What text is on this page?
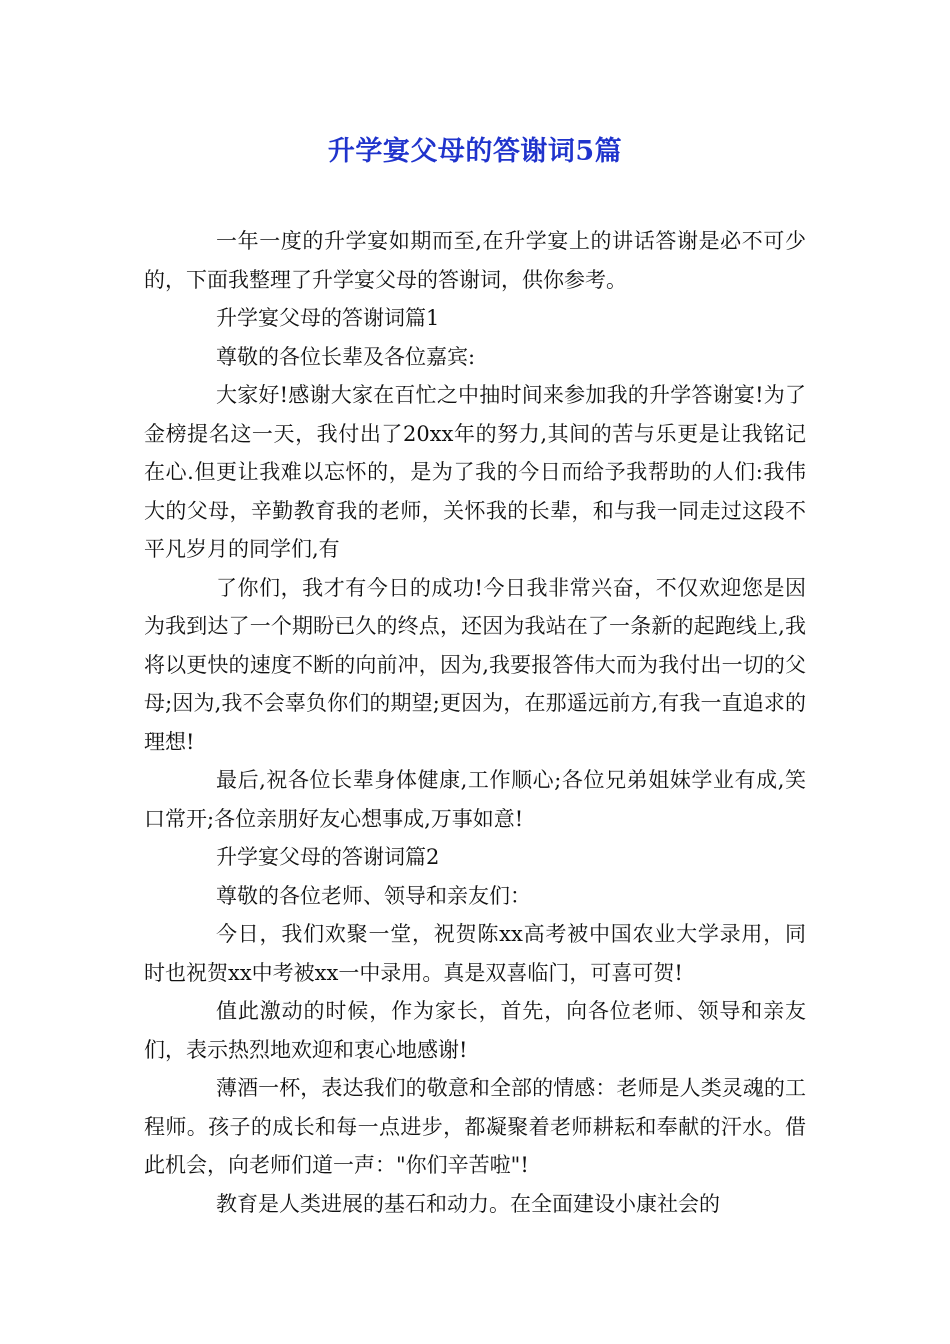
升学宴父母的答谢词5篇

一年一度的升学宴如期而至,在升学宴上的讲话答谢是必不可少的，下面我整理了升学宴父母的答谢词，供你参考。

升学宴父母的答谢词篇1

尊敬的各位长辈及各位嘉宾:

大家好!感谢大家在百忙之中抽时间来参加我的升学答谢宴!为了金榜提名这一天，我付出了20xx年的努力,其间的苦与乐更是让我铭记在心.但更让我难以忘怀的，是为了我的今日而给予我帮助的人们:我伟大的父母，辛勤教育我的老师，关怀我的长辈，和与我一同走过这段不平凡岁月的同学们,有

了你们，我才有今日的成功!今日我非常兴奋，不仅欢迎您是因为我到达了一个期盼已久的终点，还因为我站在了一条新的起跑线上,我将以更快的速度不断的向前冲，因为,我要报答伟大而为我付出一切的父母;因为,我不会辜负你们的期望;更因为，在那遥远前方,有我一直追求的理想!

最后,祝各位长辈身体健康,工作顺心;各位兄弟姐妹学业有成,笑口常开;各位亲朋好友心想事成,万事如意!

升学宴父母的答谢词篇2

尊敬的各位老师、领导和亲友们：

今日，我们欢聚一堂，祝贺陈xx高考被中国农业大学录用，同时也祝贺xx中考被xx一中录用。真是双喜临门，可喜可贺!

值此激动的时候，作为家长，首先，向各位老师、领导和亲友们，表示热烈地欢迎和衷心地感谢!

薄酒一杯，表达我们的敬意和全部的情感：老师是人类灵魂的工程师。孩子的成长和每一点进步，都凝聚着老师耕耘和奉献的汗水。借此机会，向老师们道一声："你们辛苦啦"!

教育是人类进展的基石和动力。在全面建设小康社会的
